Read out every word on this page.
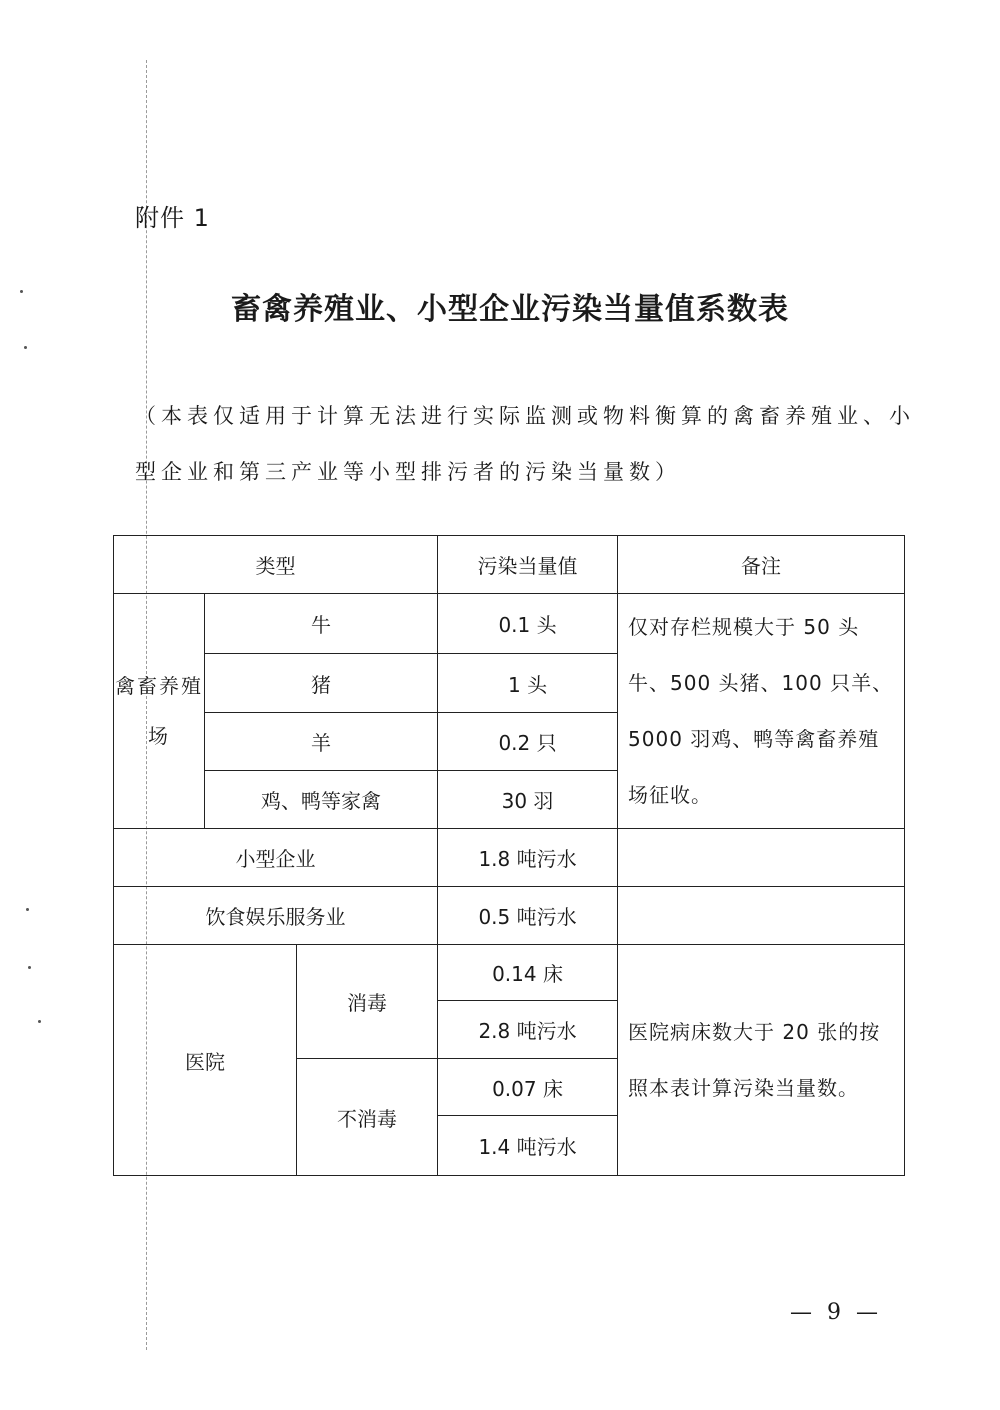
附件 1
畜禽养殖业、小型企业污染当量值系数表
（本表仅适用于计算无法进行实际监测或物料衡算的禽畜养殖业、小型企业和第三产业等小型排污者的污染当量数）
类型			污染当量值	备注
禽畜养殖场	牛		0.1 头	仅对存栏规模大于 50 头牛、500 头猪、100 只羊、5000 羽鸡、鸭等禽畜养殖场征收。
	猪		1 头	
	羊		0.2 只	
	鸡、鸭等家禽		30 羽	
小型企业			1.8 吨污水	
饮食娱乐服务业			0.5 吨污水	
医院		消毒	0.14 床	医院病床数大于 20 张的按照本表计算污染当量数。
			2.8 吨污水	
		不消毒	0.07 床	
			1.4 吨污水	
— 9 —
